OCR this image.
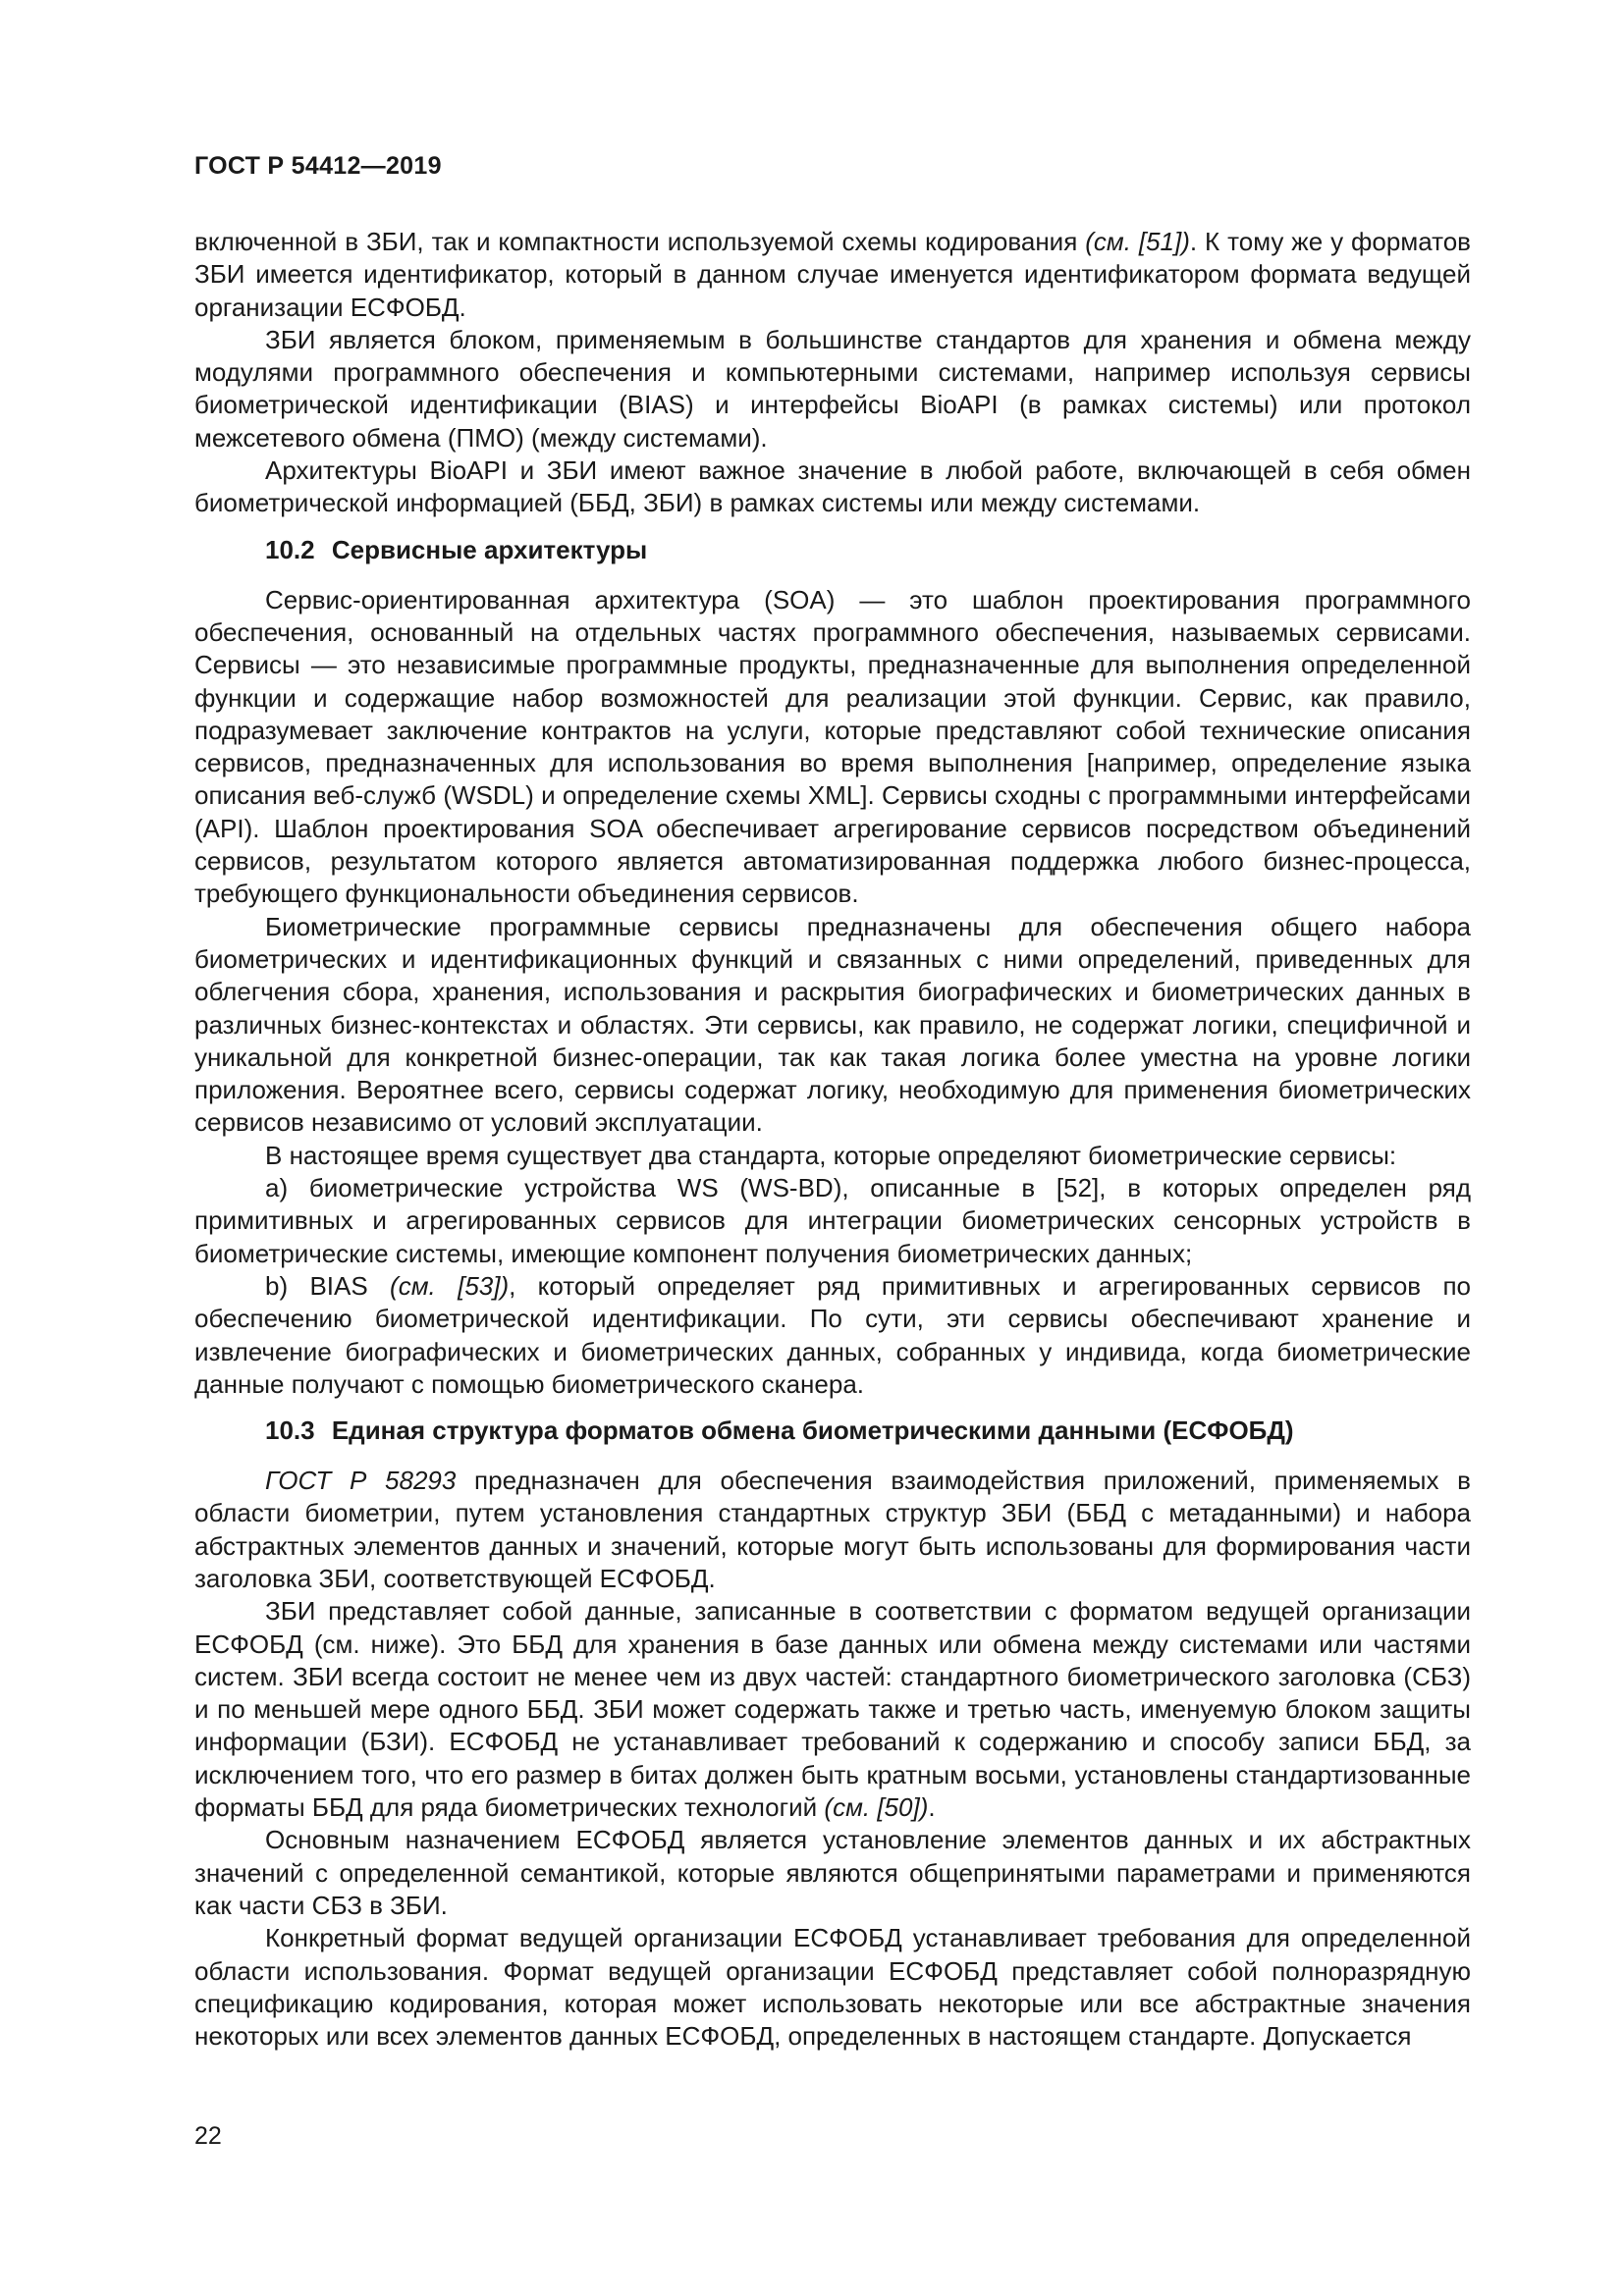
ГОСТ Р 54412—2019

включенной в ЗБИ, так и компактности используемой схемы кодирования (см. [51]). К тому же у форматов ЗБИ имеется идентификатор, который в данном случае именуется идентификатором формата ведущей организации ЕСФОБД.

ЗБИ является блоком, применяемым в большинстве стандартов для хранения и обмена между модулями программного обеспечения и компьютерными системами, например используя сервисы биометрической идентификации (BIAS) и интерфейсы BioAPI (в рамках системы) или протокол межсетевого обмена (ПМО) (между системами).

Архитектуры BioAPI и ЗБИ имеют важное значение в любой работе, включающей в себя обмен биометрической информацией (ББД, ЗБИ) в рамках системы или между системами.

10.2 Сервисные архитектуры

Сервис-ориентированная архитектура (SOA) — это шаблон проектирования программного обеспечения, основанный на отдельных частях программного обеспечения, называемых сервисами. Сервисы — это независимые программные продукты, предназначенные для выполнения определенной функции и содержащие набор возможностей для реализации этой функции. Сервис, как правило, подразумевает заключение контрактов на услуги, которые представляют собой технические описания сервисов, предназначенных для использования во время выполнения [например, определение языка описания веб-служб (WSDL) и определение схемы XML]. Сервисы сходны с программными интерфейсами (API). Шаблон проектирования SOA обеспечивает агрегирование сервисов посредством объединений сервисов, результатом которого является автоматизированная поддержка любого бизнес-процесса, требующего функциональности объединения сервисов.

Биометрические программные сервисы предназначены для обеспечения общего набора биометрических и идентификационных функций и связанных с ними определений, приведенных для облегчения сбора, хранения, использования и раскрытия биографических и биометрических данных в различных бизнес-контекстах и областях. Эти сервисы, как правило, не содержат логики, специфичной и уникальной для конкретной бизнес-операции, так как такая логика более уместна на уровне логики приложения. Вероятнее всего, сервисы содержат логику, необходимую для применения биометрических сервисов независимо от условий эксплуатации.

В настоящее время существует два стандарта, которые определяют биометрические сервисы:

a) биометрические устройства WS (WS-BD), описанные в [52], в которых определен ряд примитивных и агрегированных сервисов для интеграции биометрических сенсорных устройств в биометрические системы, имеющие компонент получения биометрических данных;

b) BIAS (см. [53]), который определяет ряд примитивных и агрегированных сервисов по обеспечению биометрической идентификации. По сути, эти сервисы обеспечивают хранение и извлечение биографических и биометрических данных, собранных у индивида, когда биометрические данные получают с помощью биометрического сканера.

10.3 Единая структура форматов обмена биометрическими данными (ЕСФОБД)

ГОСТ Р 58293 предназначен для обеспечения взаимодействия приложений, применяемых в области биометрии, путем установления стандартных структур ЗБИ (ББД с метаданными) и набора абстрактных элементов данных и значений, которые могут быть использованы для формирования части заголовка ЗБИ, соответствующей ЕСФОБД.

ЗБИ представляет собой данные, записанные в соответствии с форматом ведущей организации ЕСФОБД (см. ниже). Это ББД для хранения в базе данных или обмена между системами или частями систем. ЗБИ всегда состоит не менее чем из двух частей: стандартного биометрического заголовка (СБЗ) и по меньшей мере одного ББД. ЗБИ может содержать также и третью часть, именуемую блоком защиты информации (БЗИ). ЕСФОБД не устанавливает требований к содержанию и способу записи ББД, за исключением того, что его размер в битах должен быть кратным восьми, установлены стандартизованные форматы ББД для ряда биометрических технологий (см. [50]).

Основным назначением ЕСФОБД является установление элементов данных и их абстрактных значений с определенной семантикой, которые являются общепринятыми параметрами и применяются как части СБЗ в ЗБИ.

Конкретный формат ведущей организации ЕСФОБД устанавливает требования для определенной области использования. Формат ведущей организации ЕСФОБД представляет собой полноразрядную спецификацию кодирования, которая может использовать некоторые или все абстрактные значения некоторых или всех элементов данных ЕСФОБД, определенных в настоящем стандарте. Допускается

22
